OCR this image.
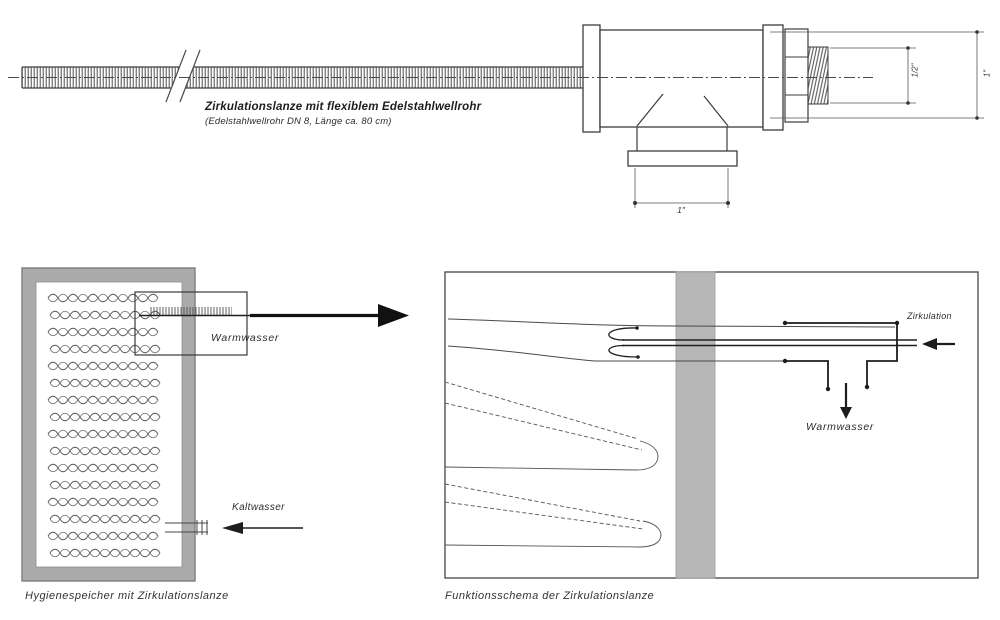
Zirkulationslanze mit flexiblem Edelstahlwellrohr
(Edelstahlwellrohr DN 8, Länge ca. 80 cm)
1/2"	1"
1"
Warmwasser
Kaltwasser
Hygienespeicher mit Zirkulationslanze
Zirkulation
Warmwasser
Funktionsschema der Zirkulationslanze
